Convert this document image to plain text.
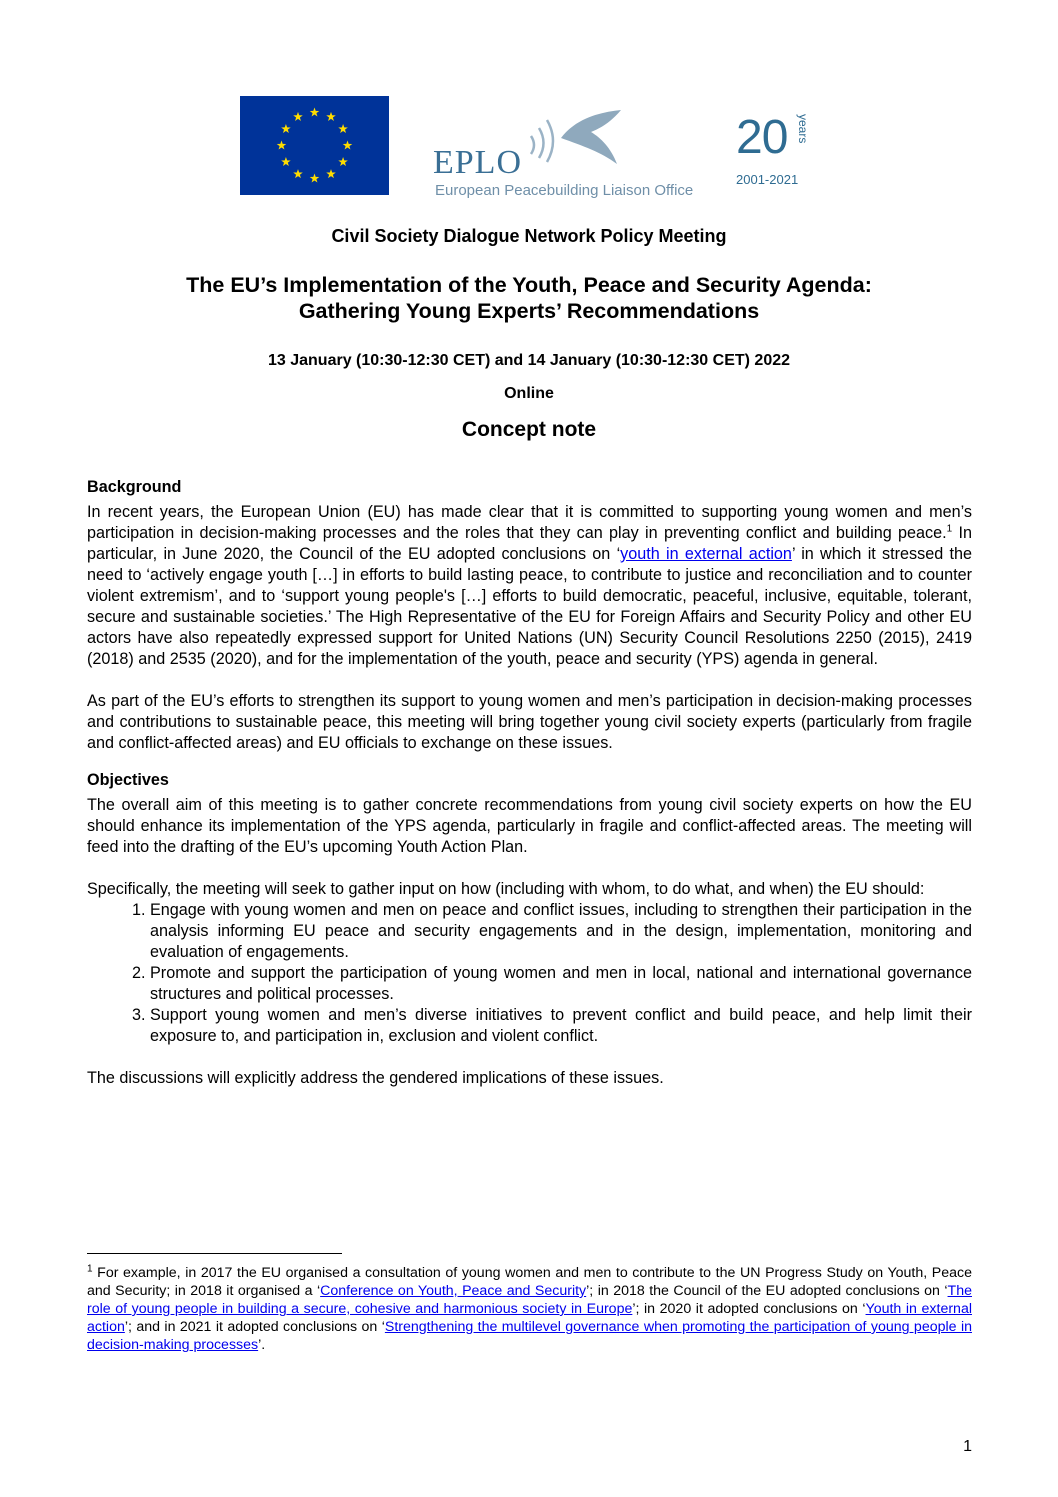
EPLO
European Peacebuilding Liaison Office
20 years
2001-2021
Civil Society Dialogue Network Policy Meeting
The EU’s Implementation of the Youth, Peace and Security Agenda:
Gathering Young Experts’ Recommendations
13 January (10:30-12:30 CET) and 14 January (10:30-12:30 CET) 2022
Online
Concept note
Background

In recent years, the European Union (EU) has made clear that it is committed to supporting young women and men’s participation in decision-making processes and the roles that they can play in preventing conflict and building peace.$^1$ In particular, in June 2020, the Council of the EU adopted conclusions on ‘youth in external action’ in which it stressed the need to ‘actively engage youth […] in efforts to build lasting peace, to contribute to justice and reconciliation and to counter violent extremism’, and to ‘support young people's […] efforts to build democratic, peaceful, inclusive, equitable, tolerant, secure and sustainable societies.’ The High Representative of the EU for Foreign Affairs and Security Policy and other EU actors have also repeatedly expressed support for United Nations (UN) Security Council Resolutions 2250 (2015), 2419 (2018) and 2535 (2020), and for the implementation of the youth, peace and security (YPS) agenda in general.

As part of the EU’s efforts to strengthen its support to young women and men’s participation in decision-making processes and contributions to sustainable peace, this meeting will bring together young civil society experts (particularly from fragile and conflict-affected areas) and EU officials to exchange on these issues.

Objectives

The overall aim of this meeting is to gather concrete recommendations from young civil society experts on how the EU should enhance its implementation of the YPS agenda, particularly in fragile and conflict-affected areas. The meeting will feed into the drafting of the EU’s upcoming Youth Action Plan.

Specifically, the meeting will seek to gather input on how (including with whom, to do what, and when) the EU should:

1. Engage with young women and men on peace and conflict issues, including to strengthen their participation in the analysis informing EU peace and security engagements and in the design, implementation, monitoring and evaluation of engagements.
2. Promote and support the participation of young women and men in local, national and international governance structures and political processes.
3. Support young women and men’s diverse initiatives to prevent conflict and build peace, and help limit their exposure to, and participation in, exclusion and violent conflict.

The discussions will explicitly address the gendered implications of these issues.

$^1$ For example, in 2017 the EU organised a consultation of young women and men to contribute to the UN Progress Study on Youth, Peace and Security; in 2018 it organised a ‘Conference on Youth, Peace and Security’; in 2018 the Council of the EU adopted conclusions on ‘The role of young people in building a secure, cohesive and harmonious society in Europe’; in 2020 it adopted conclusions on ‘Youth in external action’; and in 2021 it adopted conclusions on ‘Strengthening the multilevel governance when promoting the participation of young people in decision-making processes’.
1
